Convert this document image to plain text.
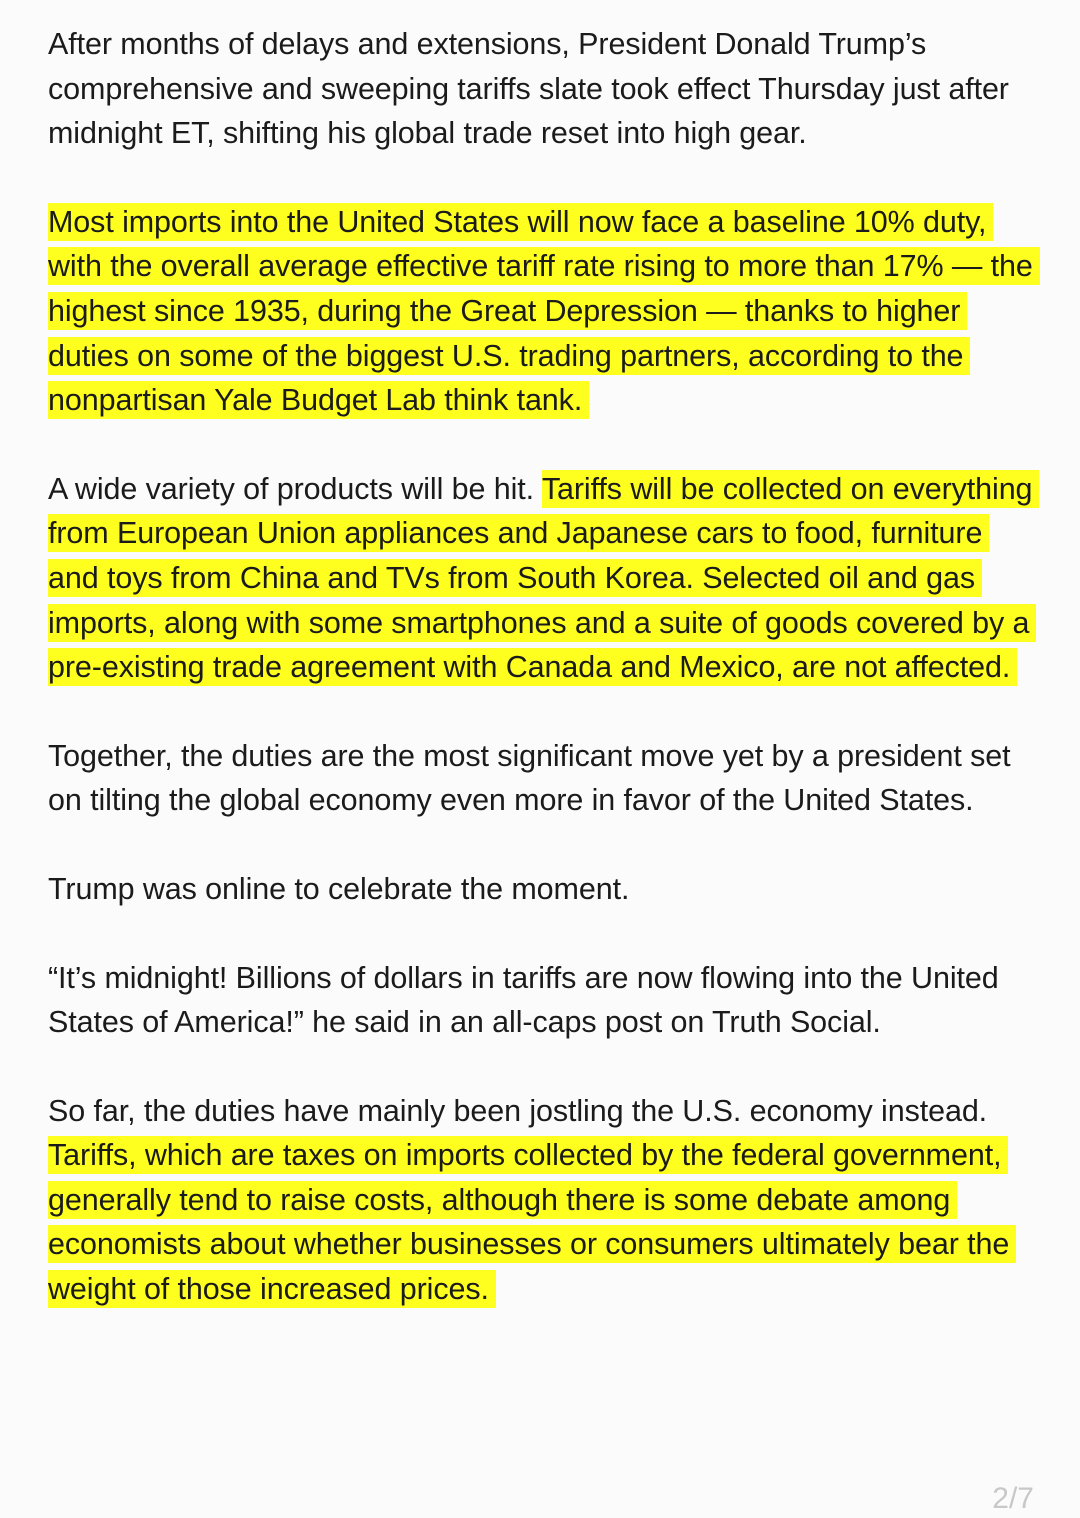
After months of delays and extensions, President Donald Trump’s comprehensive and sweeping tariffs slate took effect Thursday just after midnight ET, shifting his global trade reset into high gear.

Most imports into the United States will now face a baseline 10% duty, with the overall average effective tariff rate rising to more than 17% — the highest since 1935, during the Great Depression — thanks to higher duties on some of the biggest U.S. trading partners, according to the nonpartisan Yale Budget Lab think tank.

A wide variety of products will be hit. Tariffs will be collected on everything from European Union appliances and Japanese cars to food, furniture and toys from China and TVs from South Korea. Selected oil and gas imports, along with some smartphones and a suite of goods covered by a pre-existing trade agreement with Canada and Mexico, are not affected.

Together, the duties are the most significant move yet by a president set on tilting the global economy even more in favor of the United States.

Trump was online to celebrate the moment.

“It’s midnight! Billions of dollars in tariffs are now flowing into the United States of America!” he said in an all-caps post on Truth Social.

So far, the duties have mainly been jostling the U.S. economy instead. Tariffs, which are taxes on imports collected by the federal government, generally tend to raise costs, although there is some debate among economists about whether businesses or consumers ultimately bear the weight of those increased prices.

2/7
